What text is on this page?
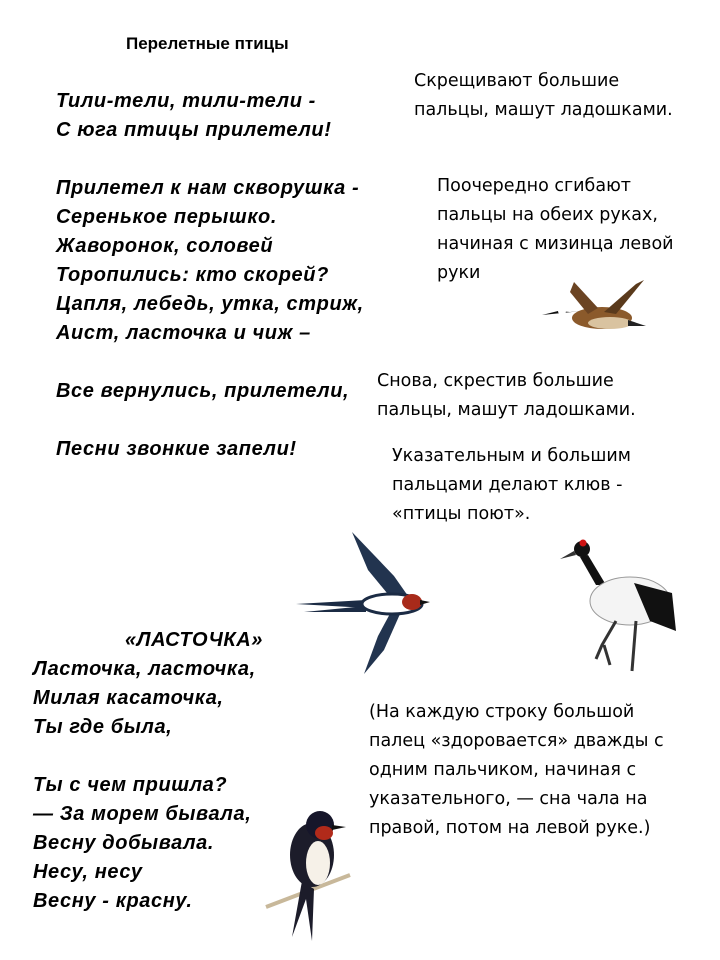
Перелетные птицы
Тили-тели, тили-тели -
С юга птицы прилетели!
Прилетел к нам скворушка -
Серенькое перышко.
Жаворонок, соловей
Торопились: кто скорей?
Цапля, лебедь, утка, стриж,
Аист, ласточка и чиж –
Все вернулись, прилетели,
Песни звонкие запели!
Скрещивают большие
пальцы, машут ладошками.
Поочередно сгибают
пальцы на обеих руках,
начиная с мизинца левой
руки
Снова, скрестив большие
пальцы, машут ладошками.
Указательным и большим
пальцами делают клюв -
«птицы поют».
(На каждую строку большой
палец «здоровается» дважды с
одним пальчиком, начиная с
указательного, — сна чала на
правой, потом на левой руке.)
«ЛАСТОЧКА»
Ласточка, ласточка,
Милая касаточка,
Ты где была,
Ты с чем пришла?
— За морем бывала,
Весну добывала.
Несу, несу
Весну - красну.
